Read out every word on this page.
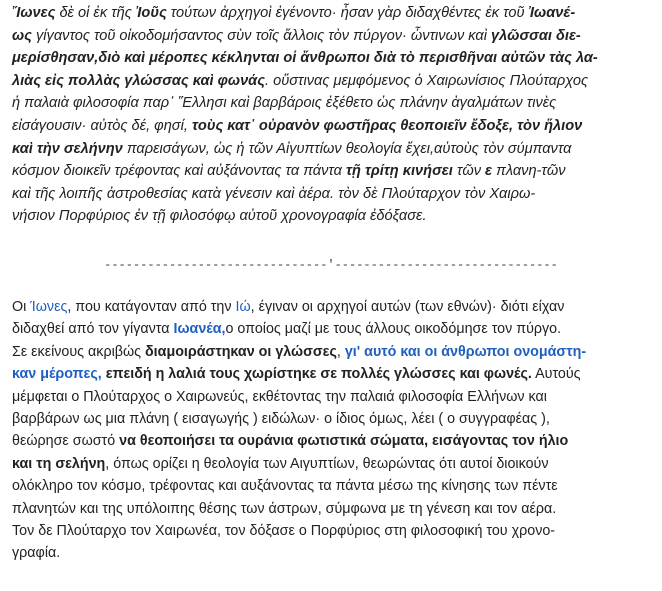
Ἴωνες δὲ οἱ ἐκ τῆς Ἰοῦς τούτων ἀρχηγοὶ ἐγένοντο· ἦσαν γὰρ διδαχθέντες ἐκ τοῦ Ἰωανέ-
ως γίγαντος τοῦ οἰκοδομήσαντος σὺν τοῖς ἄλλοις τὸν πύργον· ὧντινων καὶ γλῶσσαι διε-
μερίσθησαν,διὸ καὶ μέροπες κέκληνται οἱ ἄνθρωποι διὰ τὸ περισθῆναι αὐτῶν τὰς λα-
λιὰς εἰς πολλὰς γλώσσας καὶ φωνάς. οὕστινας μεμφόμενος ὁ Χαιρωνίσιος Πλούταρχος
ἡ παλαιὰ φιλοσοφία παρ᾿ Ἕλλησι καὶ βαρβάροις ἐξέθετο ὡς πλάνην ἀγαλμάτων τινὲς
εἰσάγουσιν· αὐτὸς δέ, φησί, τοὺς κατ᾿ οὐρανὸν φωστῆρας θεοποιεῖν ἔδοξε, τὸν ἥλιον
καὶ τὴν σελήνην παρεισάγων, ὡς ἡ τῶν Αἰγυπτίων θεολογία ἔχει,αὐτοὺς τὸν σύμπαντα
κόσμον διοικεῖν τρέφοντας καὶ αὐξάνοντας τα πάντα τῇ τρίτῃ κινήσει τῶν ε πλανη-τῶν
καὶ τῆς λοιπῆς ἀστροθεσίας κατὰ γένεσιν καὶ ἀέρα. τὸν δὲ Πλούταρχον τὸν Χαιρω-
νήσιον Πορφύριος ἐν τῇ φιλοσόφῳ αὐτοῦ χρονογραφία ἐδόξασε.
-------------------------------'-------------------------------
Οι Ίωνες, που κατάγονταν από την Ιώ, έγιναν οι αρχηγοί αυτών (των εθνών)· διότι είχαν
διδαχθεί από τον γίγαντα Ιωανέα,ο οποίος μαζί με τους άλλους οικοδόμησε τον πύργο.
Σε εκείνους ακριβώς διαμοιράστηκαν οι γλώσσες, γι' αυτό και οι άνθρωποι ονομάστη-
καν μέροπες, επειδή η λαλιά τους χωρίστηκε σε πολλές γλώσσες και φωνές. Αυτούς
μέμφεται ο Πλούταρχος ο Χαιρωνεύς, εκθέτοντας την παλαιά φιλοσοφία Ελλήνων και
βαρβάρων ως μια πλάνη ( εισαγωγής ) ειδώλων· ο ίδιος όμως, λέει ( ο συγγραφέας ),
θεώρησε σωστό να θεοποιήσει τα ουράνια φωτιστικά σώματα, εισάγοντας τον ήλιο
και τη σελήνη, όπως ορίζει η θεολογία των Αιγυπτίων, θεωρώντας ότι αυτοί διοικούν
ολόκληρο τον κόσμο, τρέφοντας και αυξάνοντας τα πάντα μέσω της κίνησης των πέντε
πλανητών και της υπόλοιπης θέσης των άστρων, σύμφωνα με τη γένεση και τον αέρα.
Τον δε Πλούταρχο τον Χαιρωνέα, τον δόξασε ο Πορφύριος στη φιλοσοφική του χρονο-
γραφία.
